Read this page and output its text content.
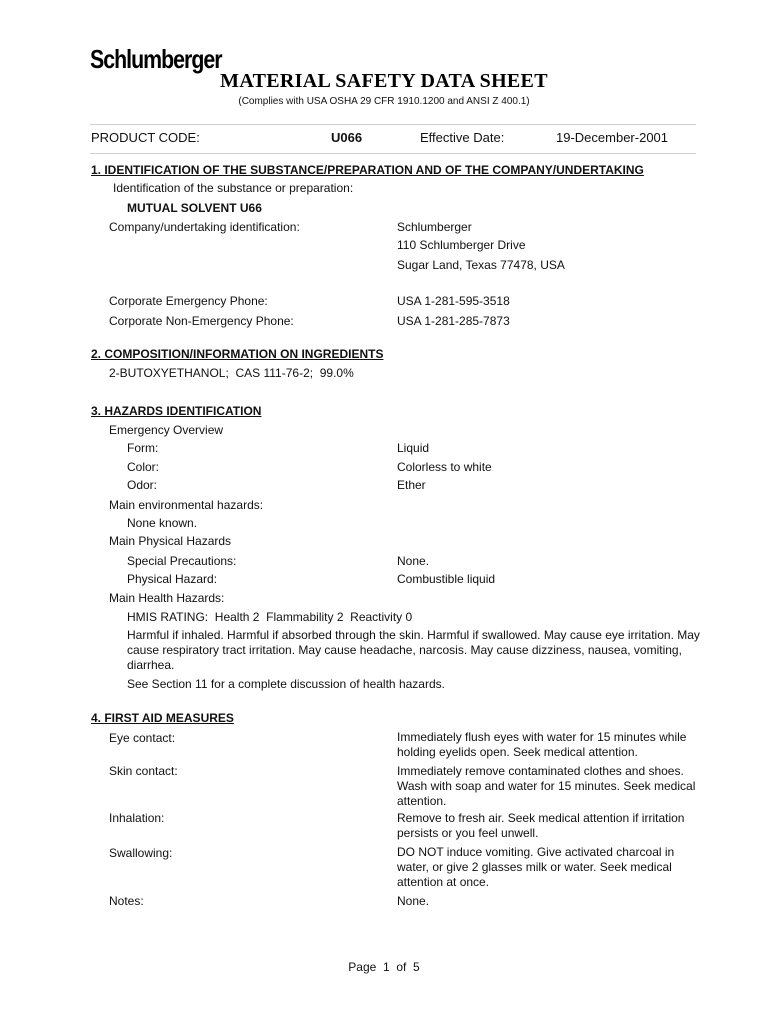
Schlumberger
MATERIAL SAFETY DATA SHEET
(Complies with USA OSHA 29 CFR 1910.1200 and ANSI Z 400.1)
PRODUCT CODE:	U066	Effective Date:	19-December-2001
1. IDENTIFICATION OF THE SUBSTANCE/PREPARATION AND OF THE COMPANY/UNDERTAKING
Identification of the substance or preparation:
MUTUAL SOLVENT U66
Company/undertaking identification:	Schlumberger
110 Schlumberger Drive
Sugar Land, Texas 77478, USA
Corporate Emergency Phone:	USA 1-281-595-3518
Corporate Non-Emergency Phone:	USA 1-281-285-7873
2. COMPOSITION/INFORMATION ON INGREDIENTS
2-BUTOXYETHANOL;  CAS 111-76-2;  99.0%
3. HAZARDS IDENTIFICATION
Emergency Overview
Form:	Liquid
Color:	Colorless to white
Odor:	Ether
Main environmental hazards:
None known.
Main Physical Hazards
Special Precautions:	None.
Physical Hazard:	Combustible liquid
Main Health Hazards:
HMIS RATING:  Health 2  Flammability 2  Reactivity 0
Harmful if inhaled. Harmful if absorbed through the skin. Harmful if swallowed. May cause eye irritation. May cause respiratory tract irritation. May cause headache, narcosis. May cause dizziness, nausea, vomiting, diarrhea.
See Section 11 for a complete discussion of health hazards.
4. FIRST AID MEASURES
Eye contact:	Immediately flush eyes with water for 15 minutes while holding eyelids open. Seek medical attention.
Skin contact:	Immediately remove contaminated clothes and shoes. Wash with soap and water for 15 minutes. Seek medical attention.
Inhalation:	Remove to fresh air. Seek medical attention if irritation persists or you feel unwell.
Swallowing:	DO NOT induce vomiting. Give activated charcoal in water, or give 2 glasses milk or water. Seek medical attention at once.
Notes:	None.
Page  1  of  5
